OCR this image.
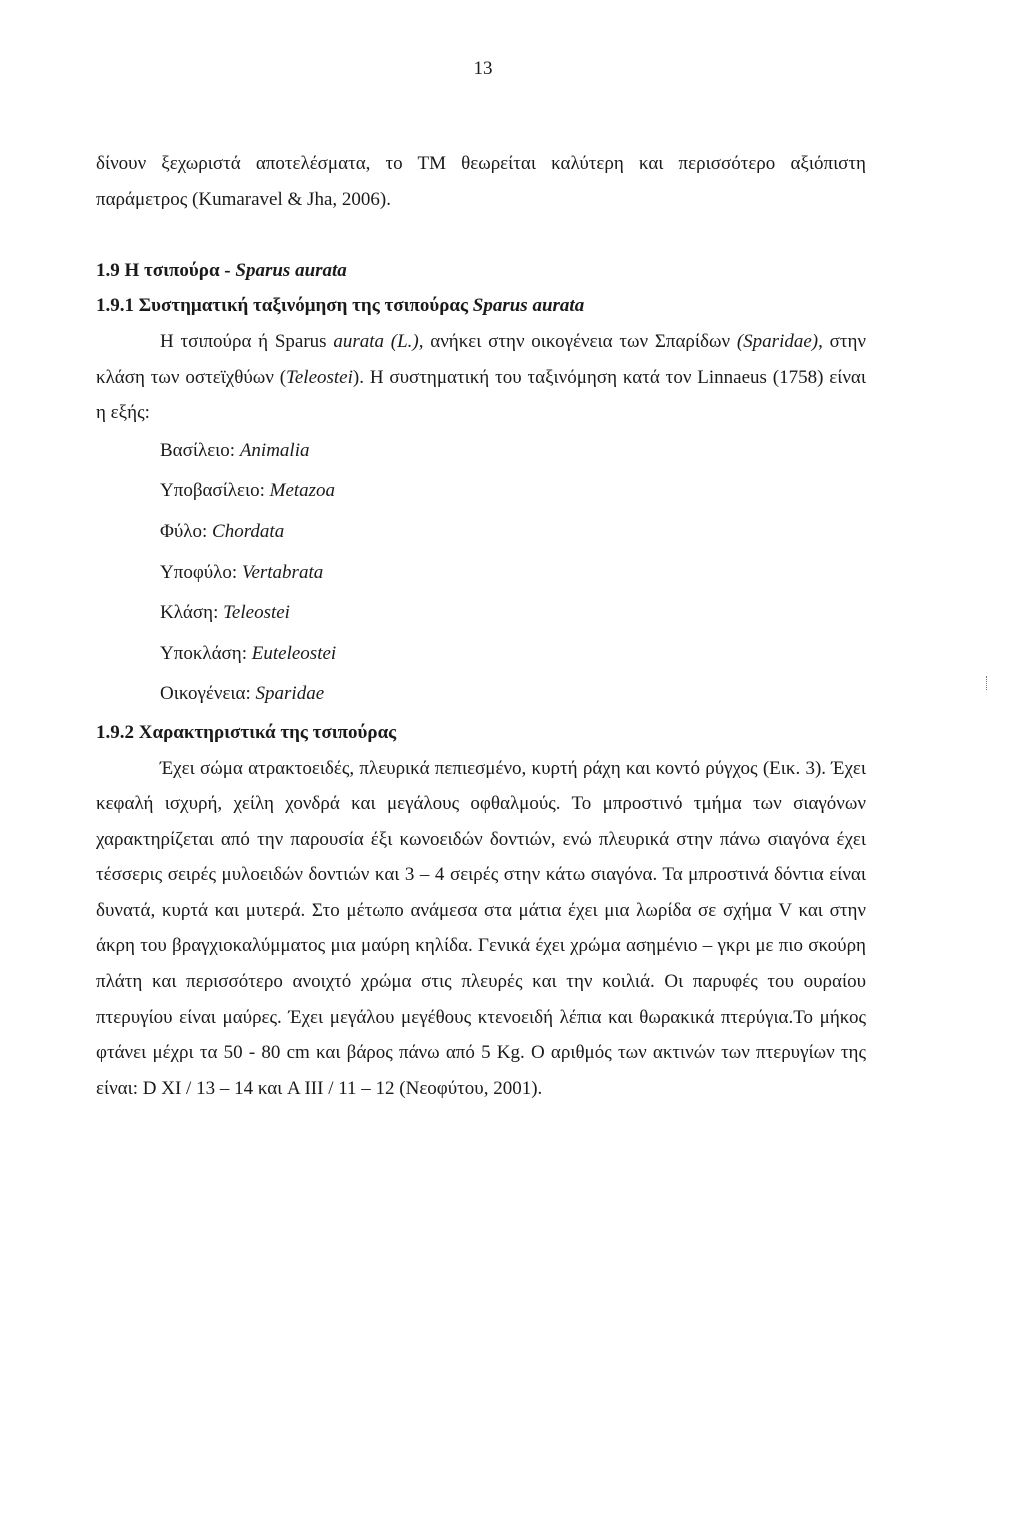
13

δίνουν ξεχωριστά αποτελέσματα, το ΤΜ θεωρείται καλύτερη και περισσότερο αξιόπιστη παράμετρος (Kumaravel & Jha, 2006).

1.9 Η τσιπούρα - Sparus aurata

1.9.1 Συστηματική ταξινόμηση της τσιπούρας Sparus aurata

Η τσιπούρα ή Sparus aurata (L.), ανήκει στην οικογένεια των Σπαρίδων (Sparidae), στην κλάση των οστεϊχθύων (Teleostei). Η συστηματική του ταξινόμηση κατά τον Linnaeus (1758) είναι η εξής:

Βασίλειο: Animalia
Υποβασίλειο: Metazoa
Φύλο: Chordata
Υποφύλο: Vertabrata
Κλάση: Teleostei
Υποκλάση: Euteleostei
Οικογένεια: Sparidae

1.9.2 Χαρακτηριστικά της τσιπούρας

Έχει σώμα ατρακτοειδές, πλευρικά πεπιεσμένο, κυρτή ράχη και κοντό ρύγχος (Εικ. 3). Έχει κεφαλή ισχυρή, χείλη χονδρά και μεγάλους οφθαλμούς. Το μπροστινό τμήμα των σιαγόνων χαρακτηρίζεται από την παρουσία έξι κωνοειδών δοντιών, ενώ πλευρικά στην πάνω σιαγόνα έχει τέσσερις σειρές μυλοειδών δοντιών και 3 – 4 σειρές στην κάτω σιαγόνα. Τα μπροστινά δόντια είναι δυνατά, κυρτά και μυτερά. Στο μέτωπο ανάμεσα στα μάτια έχει μια λωρίδα σε σχήμα V και στην άκρη του βραγχιοκαλύμματος μια μαύρη κηλίδα. Γενικά έχει χρώμα ασημένιο – γκρι με πιο σκούρη πλάτη και περισσότερο ανοιχτό χρώμα στις πλευρές και την κοιλιά. Οι παρυφές του ουραίου πτερυγίου είναι μαύρες. Έχει μεγάλου μεγέθους κτενοειδή λέπια και θωρακικά πτερύγια.Το μήκος φτάνει μέχρι τα 50 - 80 cm και βάρος πάνω από 5 Kg. Ο αριθμός των ακτινών των πτερυγίων της είναι: D XI / 13 – 14 και A III / 11 – 12 (Νεοφύτου, 2001).
